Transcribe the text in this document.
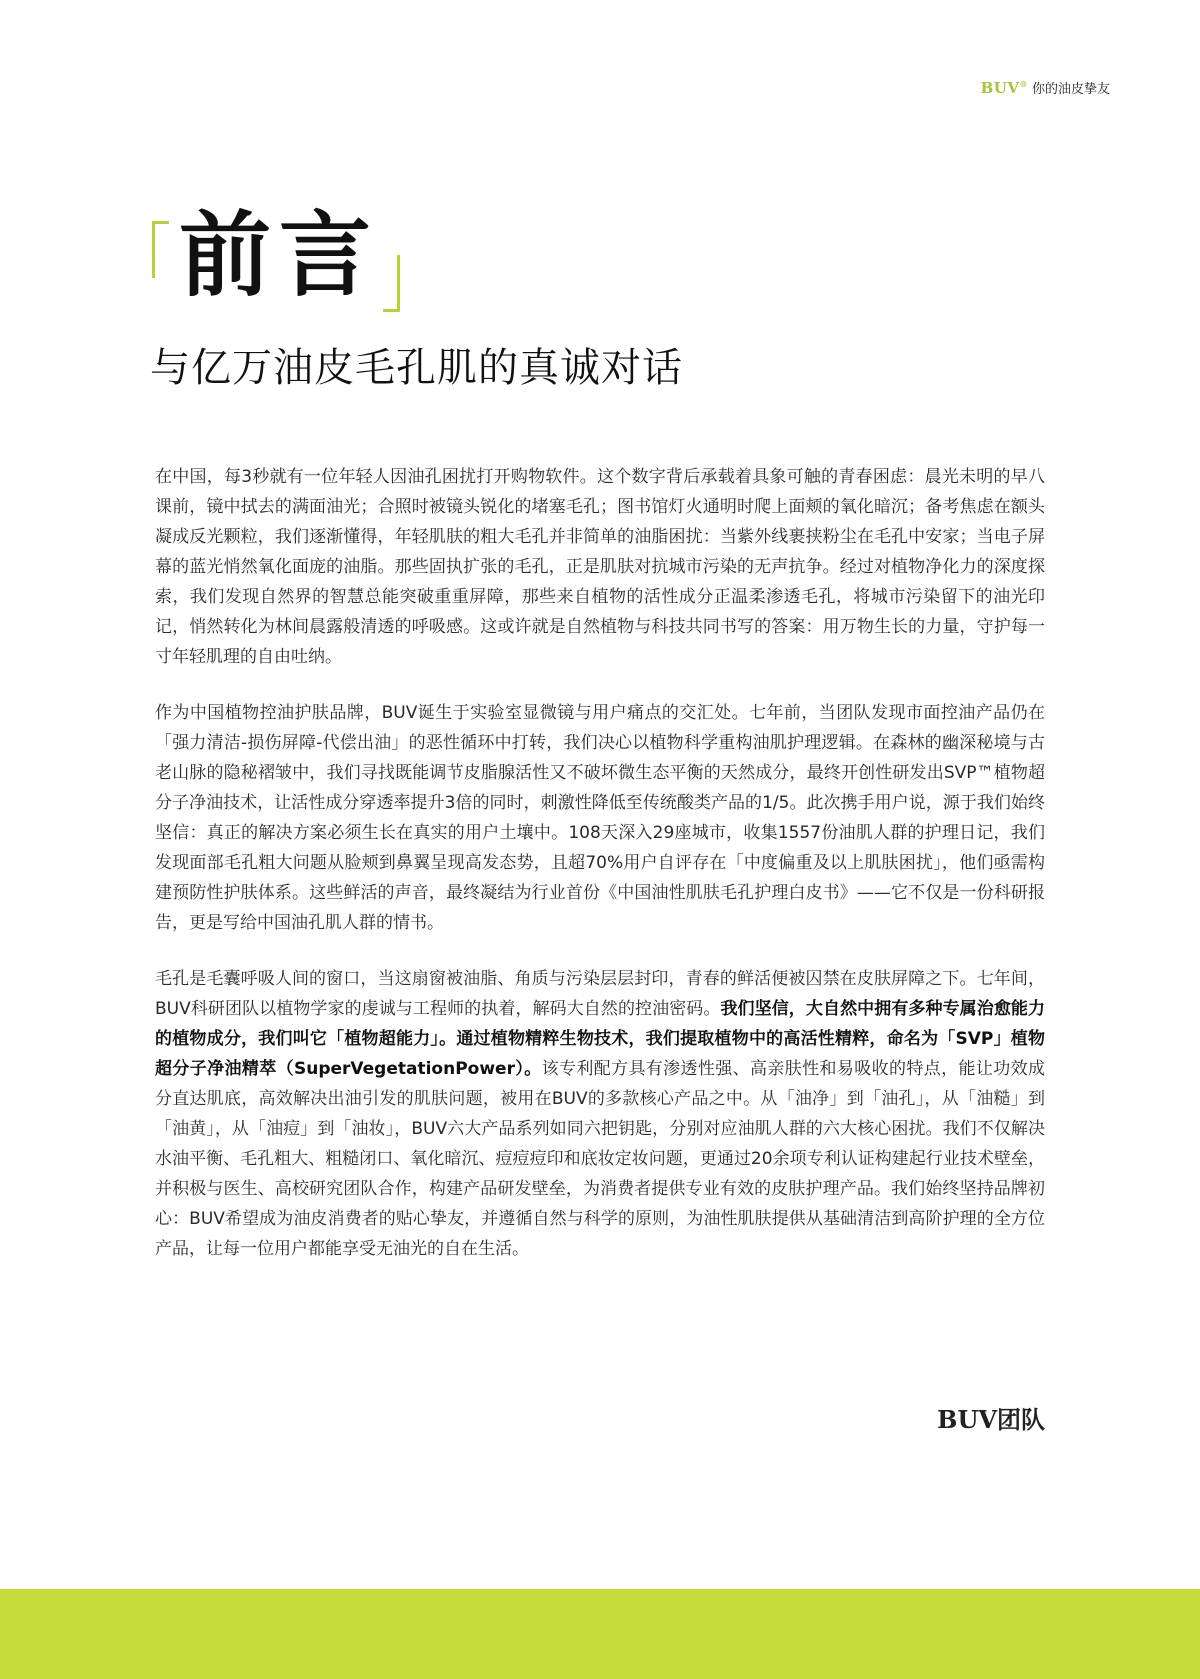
BUV® 你的油皮挚友
前言
与亿万油皮毛孔肌的真诚对话

在中国，每3秒就有一位年轻人因油孔困扰打开购物软件。这个数字背后承载着具象可触的青春困虑：晨光未明的早八课前，镜中拭去的满面油光；合照时被镜头锐化的堵塞毛孔；图书馆灯火通明时爬上面颊的氧化暗沉；备考焦虑在额头凝成反光颗粒，我们逐渐懂得，年轻肌肤的粗大毛孔并非简单的油脂困扰：当紫外线裹挟粉尘在毛孔中安家；当电子屏幕的蓝光悄然氧化面庞的油脂。那些固执扩张的毛孔，正是肌肤对抗城市污染的无声抗争。经过对植物净化力的深度探索，我们发现自然界的智慧总能突破重重屏障，那些来自植物的活性成分正温柔渗透毛孔，将城市污染留下的油光印记，悄然转化为林间晨露般清透的呼吸感。这或许就是自然植物与科技共同书写的答案：用万物生长的力量，守护每一寸年轻肌理的自由吐纳。

作为中国植物控油护肤品牌，BUV诞生于实验室显微镜与用户痛点的交汇处。七年前，当团队发现市面控油产品仍在「强力清洁-损伤屏障-代偿出油」的恶性循环中打转，我们决心以植物科学重构油肌护理逻辑。在森林的幽深秘境与古老山脉的隐秘褶皱中，我们寻找既能调节皮脂腺活性又不破坏微生态平衡的天然成分，最终开创性研发出SVP™植物超分子净油技术，让活性成分穿透率提升3倍的同时，刺激性降低至传统酸类产品的1/5。此次携手用户说，源于我们始终坚信：真正的解决方案必须生长在真实的用户土壤中。108天深入29座城市，收集1557份油肌人群的护理日记，我们发现面部毛孔粗大问题从脸颊到鼻翼呈现高发态势，且超70%用户自评存在「中度偏重及以上肌肤困扰」，他们亟需构建预防性护肤体系。这些鲜活的声音，最终凝结为行业首份《中国油性肌肤毛孔护理白皮书》——它不仅是一份科研报告，更是写给中国油孔肌人群的情书。

毛孔是毛囊呼吸人间的窗口，当这扇窗被油脂、角质与污染层层封印，青春的鲜活便被囚禁在皮肤屏障之下。七年间，BUV科研团队以植物学家的虔诚与工程师的执着，解码大自然的控油密码。我们坚信，大自然中拥有多种专属治愈能力的植物成分，我们叫它「植物超能力」。通过植物精粹生物技术，我们提取植物中的高活性精粹，命名为「SVP」植物超分子净油精萃（SuperVegetationPower）。该专利配方具有渗透性强、高亲肤性和易吸收的特点，能让功效成分直达肌底，高效解决出油引发的肌肤问题，被用在BUV的多款核心产品之中。从「油净」到「油孔」，从「油糙」到「油黄」，从「油痘」到「油妆」，BUV六大产品系列如同六把钥匙，分别对应油肌人群的六大核心困扰。我们不仅解决水油平衡、毛孔粗大、粗糙闭口、氧化暗沉、痘痘痘印和底妆定妆问题，更通过20余项专利认证构建起行业技术壁垒，并积极与医生、高校研究团队合作，构建产品研发壁垒，为消费者提供专业有效的皮肤护理产品。我们始终坚持品牌初心：BUV希望成为油皮消费者的贴心挚友，并遵循自然与科学的原则，为油性肌肤提供从基础清洁到高阶护理的全方位产品，让每一位用户都能享受无油光的自在生活。

BUV团队
